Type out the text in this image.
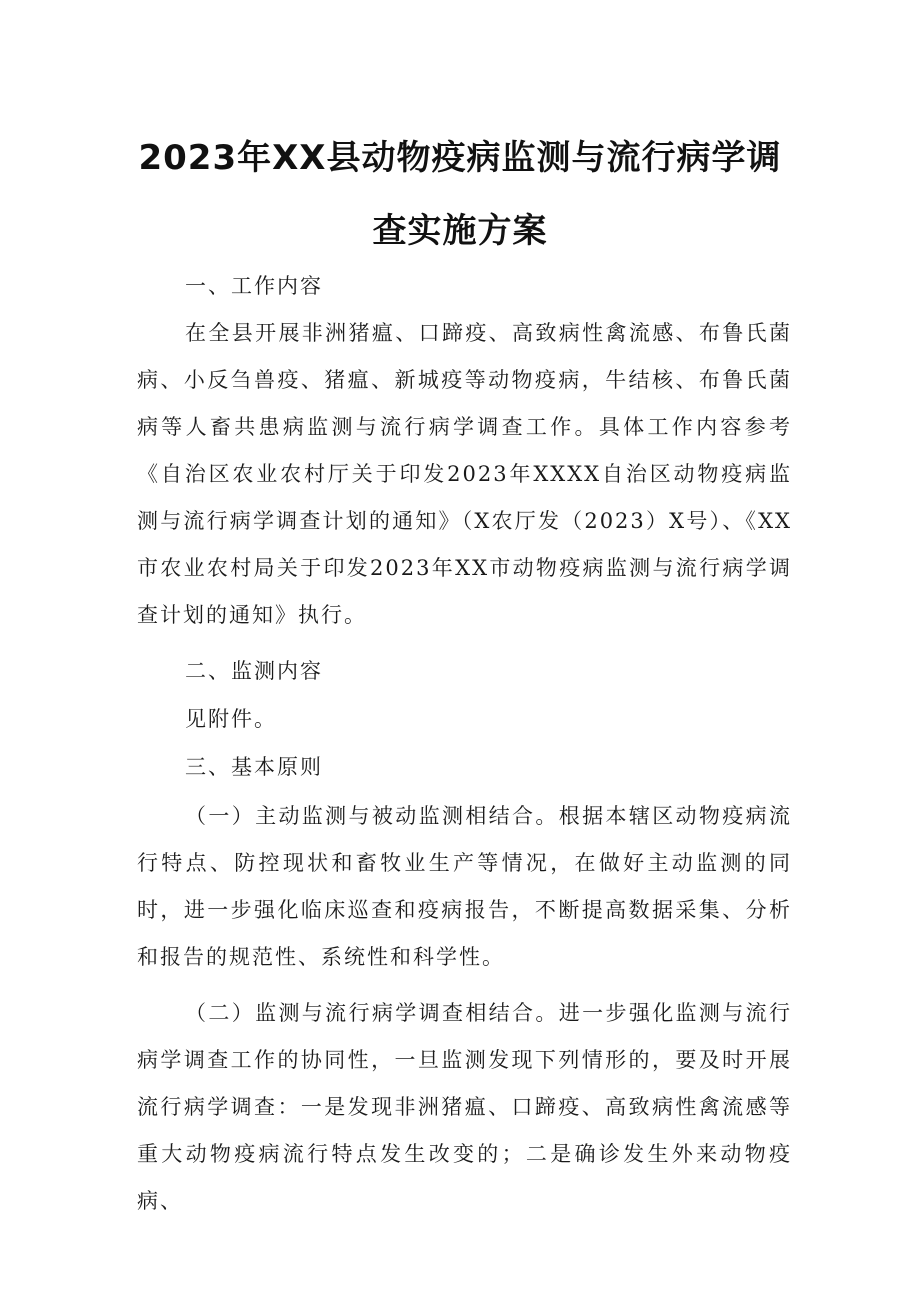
2023年XX县动物疫病监测与流行病学调
查实施方案

一、工作内容

在全县开展非洲猪瘟、口蹄疫、高致病性禽流感、布鲁氏菌病、小反刍兽疫、猪瘟、新城疫等动物疫病，牛结核、布鲁氏菌病等人畜共患病监测与流行病学调查工作。具体工作内容参考《自治区农业农村厅关于印发2023年XXXX自治区动物疫病监测与流行病学调查计划的通知》（X农厅发（2023）X号）、《XX市农业农村局关于印发2023年XX市动物疫病监测与流行病学调查计划的通知》执行。

二、监测内容

见附件。

三、基本原则

（一）主动监测与被动监测相结合。根据本辖区动物疫病流行特点、防控现状和畜牧业生产等情况，在做好主动监测的同时，进一步强化临床巡查和疫病报告，不断提高数据采集、分析和报告的规范性、系统性和科学性。

（二）监测与流行病学调查相结合。进一步强化监测与流行病学调查工作的协同性，一旦监测发现下列情形的，要及时开展流行病学调查：一是发现非洲猪瘟、口蹄疫、高致病性禽流感等重大动物疫病流行特点发生改变的；二是确诊发生外来动物疫病、
